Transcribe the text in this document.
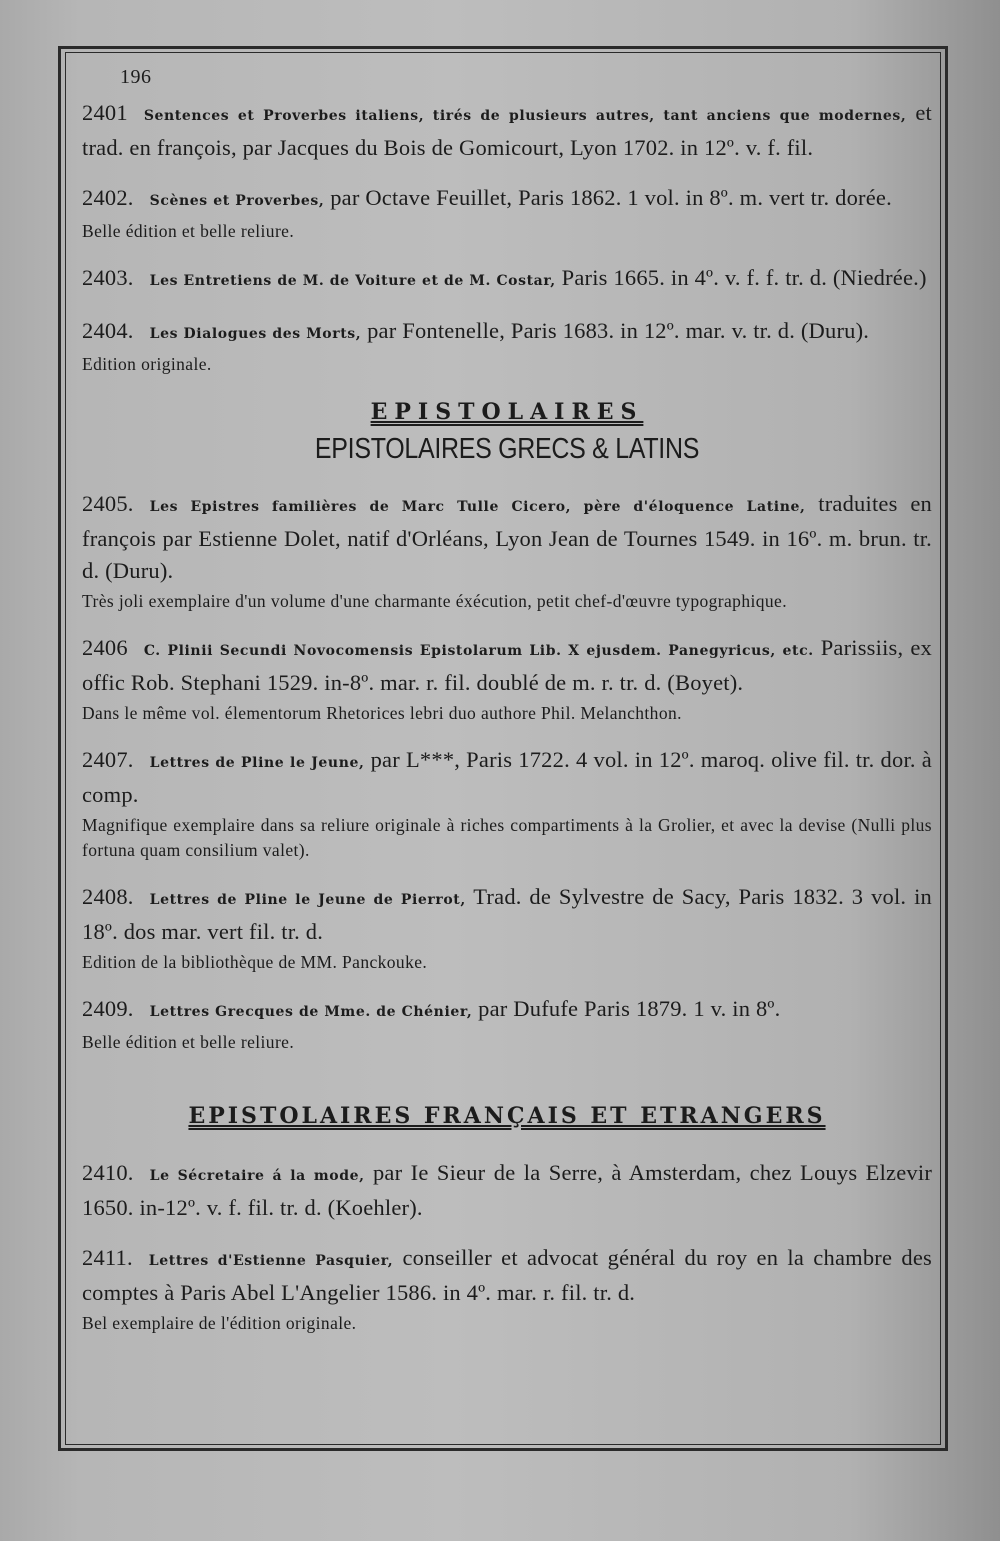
196
2401 Sentences et Proverbes italiens, tirés de plusieurs autres, tant anciens que modernes, et trad. en françois, par Jacques du Bois de Gomicourt, Lyon 1702. in 12º. v. f. fil.
2402. Scènes et Proverbes, par Octave Feuillet, Paris 1862. 1 vol. in 8º. m. vert tr. dorée.
Belle édition et belle reliure.
2403. Les Entretiens de M. de Voiture et de M. Costar, Paris 1665. in 4º. v. f. f. tr. d. (Niedrée.)
2404. Les Dialogues des Morts, par Fontenelle, Paris 1683. in 12º. mar. v. tr. d. (Duru).
Edition originale.
EPISTOLAIRES
EPISTOLAIRES GRECS & LATINS
2405. Les Epistres familières de Marc Tulle Cicero, père d'éloquence Latine, traduites en françois par Estienne Dolet, natif d'Orléans, Lyon Jean de Tournes 1549. in 16º. m. brun. tr. d. (Duru).
Très joli exemplaire d'un volume d'une charmante éxécution, petit chef-d'œuvre typographique.
2406 C. Plinii Secundi Novocomensis Epistolarum Lib. X ejusdem. Panegyricus, etc. Parissiis, ex offic Rob. Stephani 1529. in-8º. mar. r. fil. doublé de m. r. tr. d. (Boyet).
Dans le même vol. élementorum Rhetorices lebri duo authore Phil. Melanchthon.
2407. Lettres de Pline le Jeune, par L***, Paris 1722. 4 vol. in 12º. maroq. olive fil. tr. dor. à comp.
Magnifique exemplaire dans sa reliure originale à riches compartiments à la Grolier, et avec la devise (Nulli plus fortuna quam consilium valet).
2408. Lettres de Pline le Jeune de Pierrot, Trad. de Sylvestre de Sacy, Paris 1832. 3 vol. in 18º. dos mar. vert fil. tr. d.
Edition de la bibliothèque de MM. Panckouke.
2409. Lettres Grecques de Mme. de Chénier, par Dufufe Paris 1879. 1 v. in 8º.
Belle édition et belle reliure.
EPISTOLAIRES FRANÇAIS ET ETRANGERS
2410. Le Sécretaire á la mode, par Ie Sieur de la Serre, à Amsterdam, chez Louys Elzevir 1650. in-12º. v. f. fil. tr. d. (Koehler).
2411. Lettres d'Estienne Pasquier, conseiller et advocat général du roy en la chambre des comptes à Paris Abel L'Angelier 1586. in 4º. mar. r. fil. tr. d.
Bel exemplaire de l'édition originale.
